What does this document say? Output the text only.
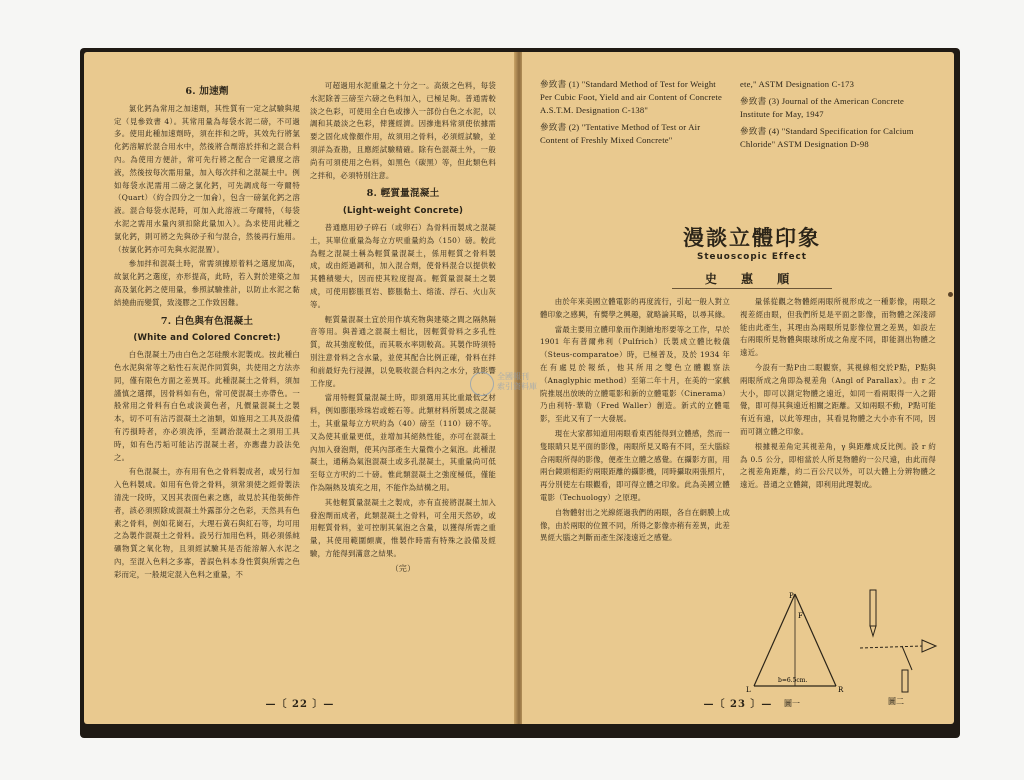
6. 加速劑

氯化鈣為常用之加速劑，其性質有一定之試驗與規定（見參致書 4）。其常用量為每袋水泥二磅，不可過多。使用此種加速劑時，須在拌和之時，其效先行將氯化鈣溶解於混合用水中，然後將合劑溶於拌和之混合料內。為使用方便計，常可先行將之配合一定濃度之溶液，然後按每次需用量，加入每次拌和之混凝土中。例如每袋水泥需用二磅之氯化鈣，可先調成每一夸爾特（Quart）（約合四分之一加侖），包含一磅氯化鈣之溶液。混合每袋水泥時，可加入此溶液二夸爾特，（每袋水泥之需用水量內須扣除此量加入）。為求使用此種之氯化鈣，則可將之先與砂子和勻混合，然後再行施用。（按氯化鈣亦可先與水泥混置）。

參加拌和混凝土時，常需須據原着料之選度加高，故氯化鈣之選度，亦形提高，此時，若入對於建築之加高及氯化鈣之使用量，參照試驗推計，以防止水泥之黏結撓曲而變質，致淺膠之工作致因難。

7. 白色與有色混凝土
(White and Colored Concret:)

白色混凝土乃由白色之怎硅酸水泥製成。按此種白色水泥與常等之粘性石灰泥作同質與，共使用之方法亦同，僅有限色方面之差異耳。此種混凝土之骨料，須加謹慎之選擇，因骨料如有色，常可使混凝土亦帶色。一般常用之骨料有白色或淡黃色者，凡價量混凝土之製本，切不可有沾汚混凝土之油類，如施用之工具及設備有汚損時者，亦必須洗淨，至調治混凝土之須用工具時，如有色汚垢可能沾汚混凝土者，亦應盡力設法免之。

有色混凝土，亦有用有色之骨料製成者，或另行加入色料製成。如用有色骨之骨料，須常須使之經骨製法清洗一段時，又因其表面色素之應，故見於其他裝飾件者，該必須照除成混凝土外露部分之色彩，天然具有色素之骨料，例如花崗石，大理石黃石與紅石等，均可用之為製作混凝土之骨料。設另行加用色料，則必須係純礦物質之氧化物，且須經試驗其是否能溶解入水泥之內，至混入色料之多寡，普誤色料本身性質與所需之色彩而定，一般規定混入色料之重量，不

可超過用水泥重量之十分之一。高級之色料，每袋水泥除普三磅至六磅之色料加入，已極足夠。普通需較淡之色彩，可使用全白色或摻入一部份白色之水泥，以調和其最淡之色彩，俾獲經濟。因摻進料常須使依據需要之固化成像顏作用，故須用之骨料，必須經試驗，並須詳為查勘，且應經試驗精確。除有色混凝土外，一般尚有可須使用之色料，如黑色（碳黑）等，但此類色料之拌和，必須特別注意。

8. 輕質量混凝土
(Light-weight Concrete)

普通應用砂子碎石（或卵石）為骨料而製成之混凝土，其單位重量為每立方呎重量約為（150）磅。較此為輕之混凝土稱為輕質量混凝土，係用輕質之骨料製成，或由經過調和，加入混合劑，使骨料混合以提供較其體積變大，因而使其粒度提高。輕質量混凝土之製成，可使用膨脹頁岩、膨脹黏土、熔渣、浮石、火山灰等。

輕質量混凝土宜於用作填充物與建築之間之隔熱隔音等用。與普通之混凝土相比，因輕質骨料之多孔性質，故其強度較低，而其吸水率則較高。其製作時須特別注意骨料之含水量，並使其配合比例正確，骨料在拌和前最好先行浸濕，以免吸收混合料內之水分，致影響工作度。

當用特輕質量混凝土時，即須選用其比重最低之材料，例如膨脹珍珠岩或蛭石等。此類材料所製成之混凝土，其重量每立方呎約為（40）磅至（110）磅不等。又為使其重量更低，並增加其絕熱性能，亦可在混凝土內加入發泡劑，使其內部產生大量微小之氣泡。此種混凝土，通稱為氣泡混凝土或多孔混凝土，其重量尚可低至每立方呎約二十磅。惟此類混凝土之強度極低，僅能作為隔熱及填充之用，不能作為結構之用。

其他輕質量混凝土之製成，亦有直接將混凝土加入發泡劑而成者，此類混凝土之骨料，可全用天然砂，或用輕質骨料，並可控制其氣泡之含量，以獲得所需之重量，其使用範圍頗廣，惟製作時需有特殊之設備及經驗，方能得到滿意之結果。

（完）
—〔 22 〕—
參致書 (1) "Standard Method of Test for Weight Per Cubic Foot, Yield and air Content of Concrete A.S.T.M. Designation C-138"
參致書 (2) "Tentative Method of Test or Air Content of Freshly Mixed Concrete"
ete," ASTM Designation C-173
參致書 (3) Journal of the American Concrete Institute for May, 1947
參致書 (4) "Standard Specification for Calcium Chloride" ASTM Designation D-98
漫談立體印象
Steuoscopic Effect
史 惠 順

由於年來美國立體電影的再度流行，引起一般人對立體印象之感興，有嚮學之興趣，就略論其略，以尋其緣。

當最主要用立體印象而作測繪地形要等之工作，早於 1901 年有普爾弗利（Pulfrich）氏製成立體比較儀（Steus-comparatoe）時，已極普及，及於 1934 年在有處見於報紙，他其所用之雙色立體觀察法（Anaglyphic method）至第二年十月，在美的一家戲院推展出放映的立體電影和新的立體電影（Cinerama）乃由利特·華勒（Fred Waller）創造。新式的立體電影，至此又有了一大發展。

現在大家都知道用兩眼看東西能得到立體感，然而一隻眼睛只見平面的影像，兩眼所見又略有不同，至大腦綜合兩眼所得的影像，便產生立體之感覺。在攝影方面，用兩台鏡頭相距約兩眼距離的攝影機，同時攝取兩張照片，再分別使左右眼觀看，即可得立體之印象。此為美國立體電影（Techuology）之原理。

自物體射出之光線經過我們的兩眼，各自在網膜上成像，由於兩眼的位置不同，所得之影像亦稍有差異，此差異經大腦之判斷而產生深淺遠近之感覺。

量係從觀之物體經兩眼所視形成之一種影像，兩眼之視差經由眼，但我們所見是平面之影像，而物體之深淺卻能由此產生，其理由為兩眼所見影像位置之差異，如設左右兩眼所見物體與眼球所成之角度不同，即能測出物體之遠近。

今設有一點P由二眼觀察，其視線相交於P點，P點與兩眼所成之角即為視差角（Angl of Parallax）。由 r 之大小，即可以測定物體之遠近，如同一看兩眼得一入之錯覺，即可得其與遠近相關之距離。又如兩眼不動，P點可能有近有遠，以此等理由，其看見物體之大小亦有不同，因而可測立體之印象。

根據視差角定其視差角，γ 與距離成反比例。設 r 約為 0.5 公分，即相當於人所見物體約一公尺遠，由此而得之視差角距離，約二百公尺以外，可以大體上分辨物體之遠近。普通之立體鏡，即利用此理製成。

P
F
L	R
b=6.5cm.
圖一	圖二
—〔 23 〕—
全國報刊
索引資料庫
